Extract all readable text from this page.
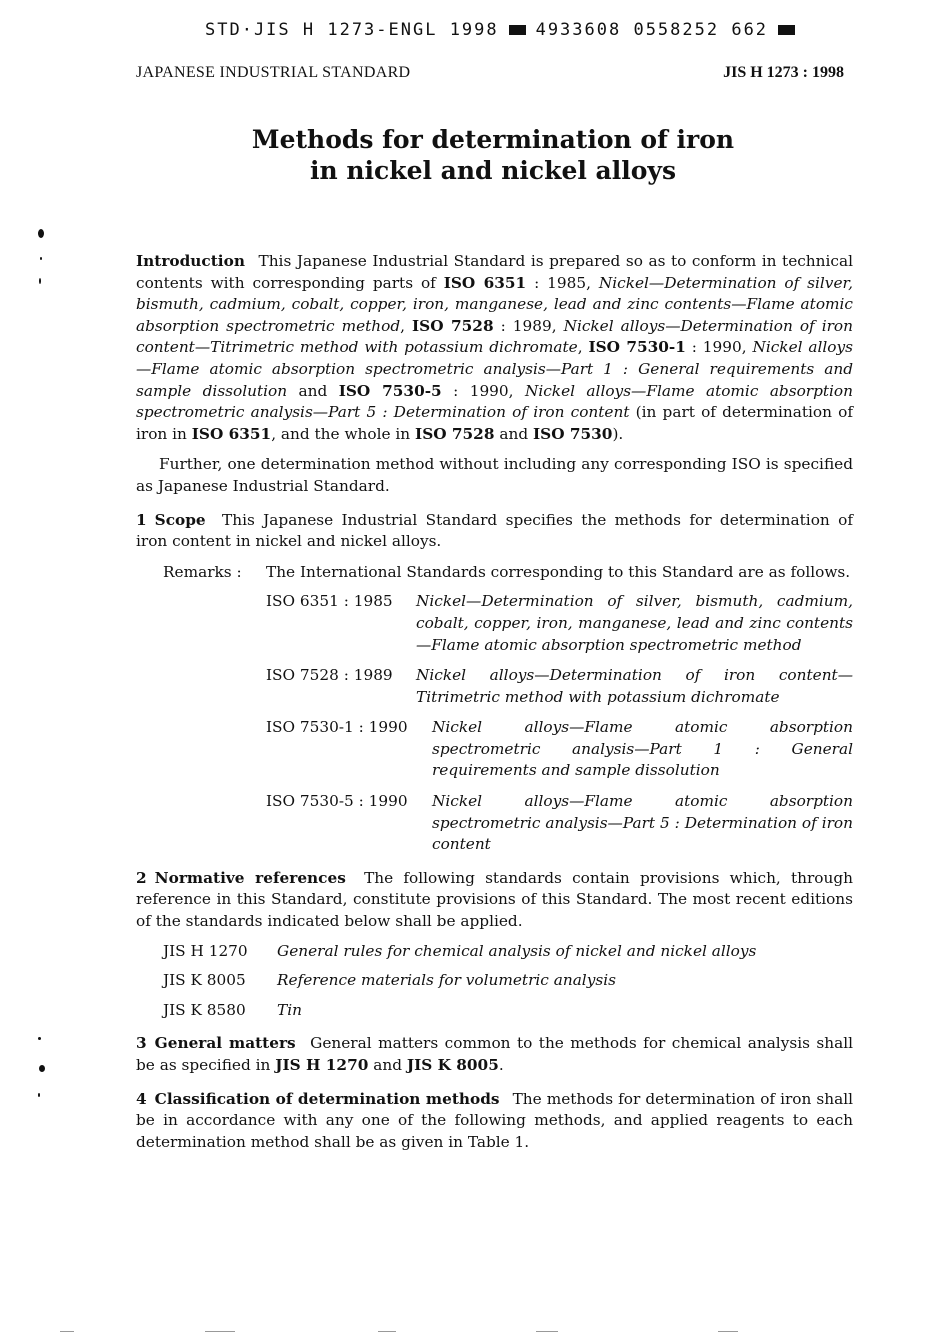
STD·JIS H 1273-ENGL 1998 4933608 0558252 662
JAPANESE INDUSTRIAL STANDARD	JIS H 1273 : 1998
Methods for determination of iron
in nickel and nickel alloys

Introduction This Japanese Industrial Standard is prepared so as to conform in technical contents with corresponding parts of ISO 6351 : 1985, Nickel—Determination of silver, bismuth, cadmium, cobalt, copper, iron, manganese, lead and zinc contents—Flame atomic absorption spectrometric method, ISO 7528 : 1989, Nickel alloys—Determination of iron content—Titrimetric method with potassium dichromate, ISO 7530-1 : 1990, Nickel alloys—Flame atomic absorption spectrometric analysis—Part 1 : General requirements and sample dissolution and ISO 7530-5 : 1990, Nickel alloys—Flame atomic absorption spectrometric analysis—Part 5 : Determination of iron content (in part of determination of iron in ISO 6351, and the whole in ISO 7528 and ISO 7530).

Further, one determination method without including any corresponding ISO is specified as Japanese Industrial Standard.

1 Scope This Japanese Industrial Standard specifies the methods for determination of iron content in nickel and nickel alloys.

Remarks :	The International Standards corresponding to this Standard are as follows.
ISO 6351 : 1985	Nickel—Determination of silver, bismuth, cadmium, cobalt, copper, iron, manganese, lead and zinc contents—Flame atomic absorption spectrometric method
ISO 7528 : 1989	Nickel alloys—Determination of iron content—Titrimetric method with potassium dichromate
ISO 7530-1 : 1990	Nickel alloys—Flame atomic absorption spectrometric analysis—Part 1 : General requirements and sample dissolution
ISO 7530-5 : 1990	Nickel alloys—Flame atomic absorption spectrometric analysis—Part 5 : Determination of iron content

2 Normative references The following standards contain provisions which, through reference in this Standard, constitute provisions of this Standard. The most recent editions of the standards indicated below shall be applied.

JIS H 1270	General rules for chemical analysis of nickel and nickel alloys
JIS K 8005	Reference materials for volumetric analysis
JIS K 8580	Tin

3 General matters General matters common to the methods for chemical analysis shall be as specified in JIS H 1270 and JIS K 8005.

4 Classification of determination methods The methods for determination of iron shall be in accordance with any one of the following methods, and applied reagents to each determination method shall be as given in Table 1.
